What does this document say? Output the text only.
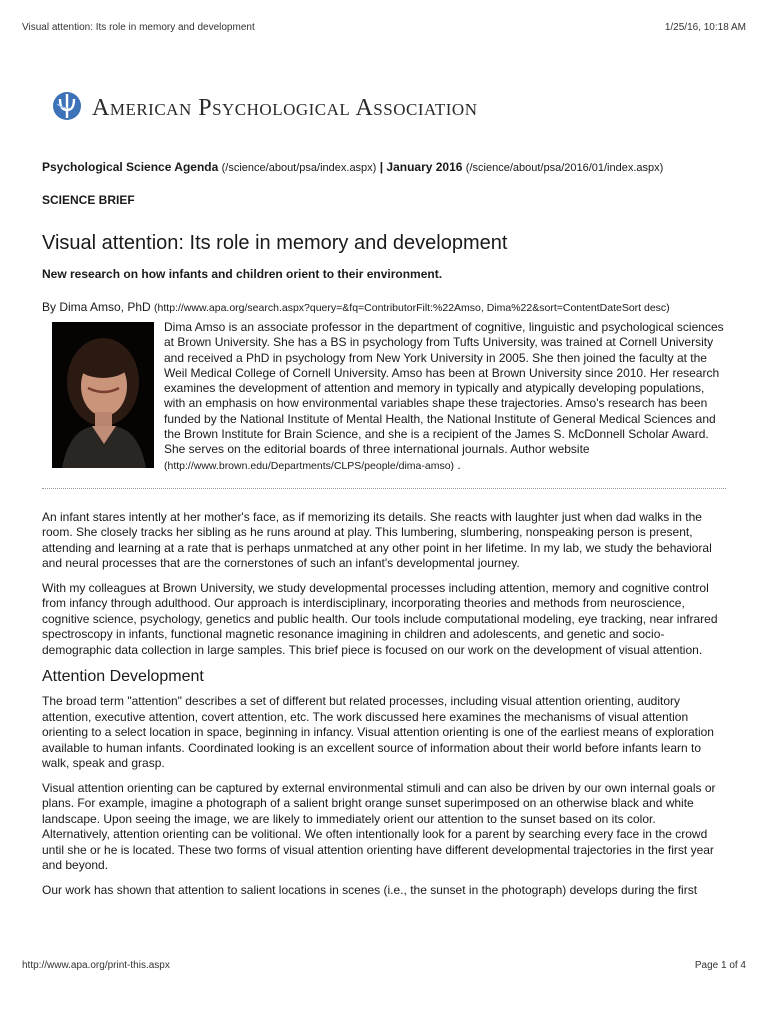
Visual attention: Its role in memory and development	1/25/16, 10:18 AM
American Psychological Association

Psychological Science Agenda (/science/about/psa/index.aspx) | January 2016 (/science/about/psa/2016/01/index.aspx)

SCIENCE BRIEF

Visual attention: Its role in memory and development

New research on how infants and children orient to their environment.

By Dima Amso, PhD (http://www.apa.org/search.aspx?query=&fq=ContributorFilt:%22Amso, Dima%22&sort=ContentDateSort desc)

Dima Amso is an associate professor in the department of cognitive, linguistic and psychological sciences at Brown University. She has a BS in psychology from Tufts University, was trained at Cornell University and received a PhD in psychology from New York University in 2005. She then joined the faculty at the Weil Medical College of Cornell University. Amso has been at Brown University since 2010. Her research examines the development of attention and memory in typically and atypically developing populations, with an emphasis on how environmental variables shape these trajectories. Amso's research has been funded by the National Institute of Mental Health, the National Institute of General Medical Sciences and the Brown Institute for Brain Science, and she is a recipient of the James S. McDonnell Scholar Award. She serves on the editorial boards of three international journals. Author website (http://www.brown.edu/Departments/CLPS/people/dima-amso) .

An infant stares intently at her mother's face, as if memorizing its details. She reacts with laughter just when dad walks in the room. She closely tracks her sibling as he runs around at play. This lumbering, slumbering, nonspeaking person is present, attending and learning at a rate that is perhaps unmatched at any other point in her lifetime. In my lab, we study the behavioral and neural processes that are the cornerstones of such an infant's developmental journey.

With my colleagues at Brown University, we study developmental processes including attention, memory and cognitive control from infancy through adulthood. Our approach is interdisciplinary, incorporating theories and methods from neuroscience, cognitive science, psychology, genetics and public health. Our tools include computational modeling, eye tracking, near infrared spectroscopy in infants, functional magnetic resonance imagining in children and adolescents, and genetic and socio-demographic data collection in large samples. This brief piece is focused on our work on the development of visual attention.

Attention Development

The broad term "attention" describes a set of different but related processes, including visual attention orienting, auditory attention, executive attention, covert attention, etc. The work discussed here examines the mechanisms of visual attention orienting to a select location in space, beginning in infancy. Visual attention orienting is one of the earliest means of exploration available to human infants. Coordinated looking is an excellent source of information about their world before infants learn to walk, speak and grasp.

Visual attention orienting can be captured by external environmental stimuli and can also be driven by our own internal goals or plans. For example, imagine a photograph of a salient bright orange sunset superimposed on an otherwise black and white landscape. Upon seeing the image, we are likely to immediately orient our attention to the sunset based on its color. Alternatively, attention orienting can be volitional. We often intentionally look for a parent by searching every face in the crowd until she or he is located. These two forms of visual attention orienting have different developmental trajectories in the first year and beyond.

Our work has shown that attention to salient locations in scenes (i.e., the sunset in the photograph) develops during the first

http://www.apa.org/print-this.aspx	Page 1 of 4
